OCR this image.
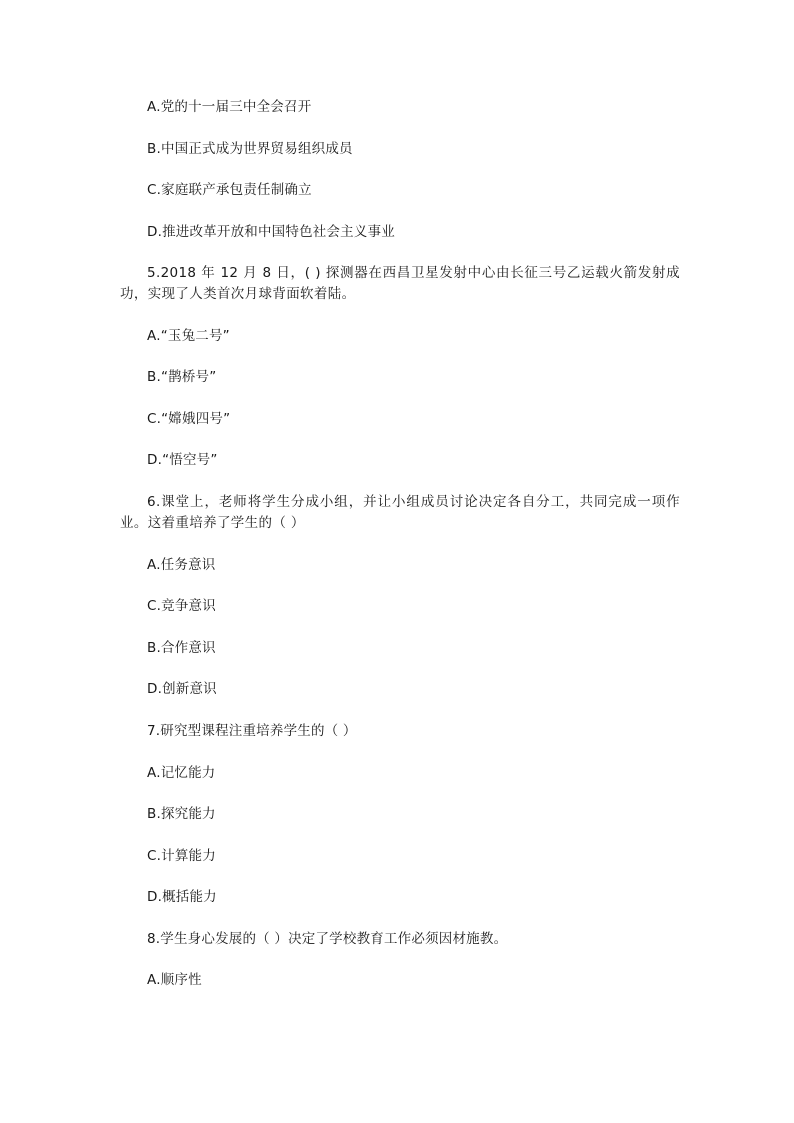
A.党的十一届三中全会召开
B.中国正式成为世界贸易组织成员
C.家庭联产承包责任制确立
D.推进改革开放和中国特色社会主义事业
5.2018 年 12 月 8 日，( ) 探测器在西昌卫星发射中心由长征三号乙运载火箭发射成功，实现了人类首次月球背面软着陆。
A.“玉兔二号”
B.“鹊桥号”
C.“嫦娥四号”
D.“悟空号”
6.课堂上，老师将学生分成小组，并让小组成员讨论决定各自分工，共同完成一项作业。这着重培养了学生的（ ）
A.任务意识
C.竞争意识
B.合作意识
D.创新意识
7.研究型课程注重培养学生的（ ）
A.记忆能力
B.探究能力
C.计算能力
D.概括能力
8.学生身心发展的（ ）决定了学校教育工作必须因材施教。
A.顺序性
